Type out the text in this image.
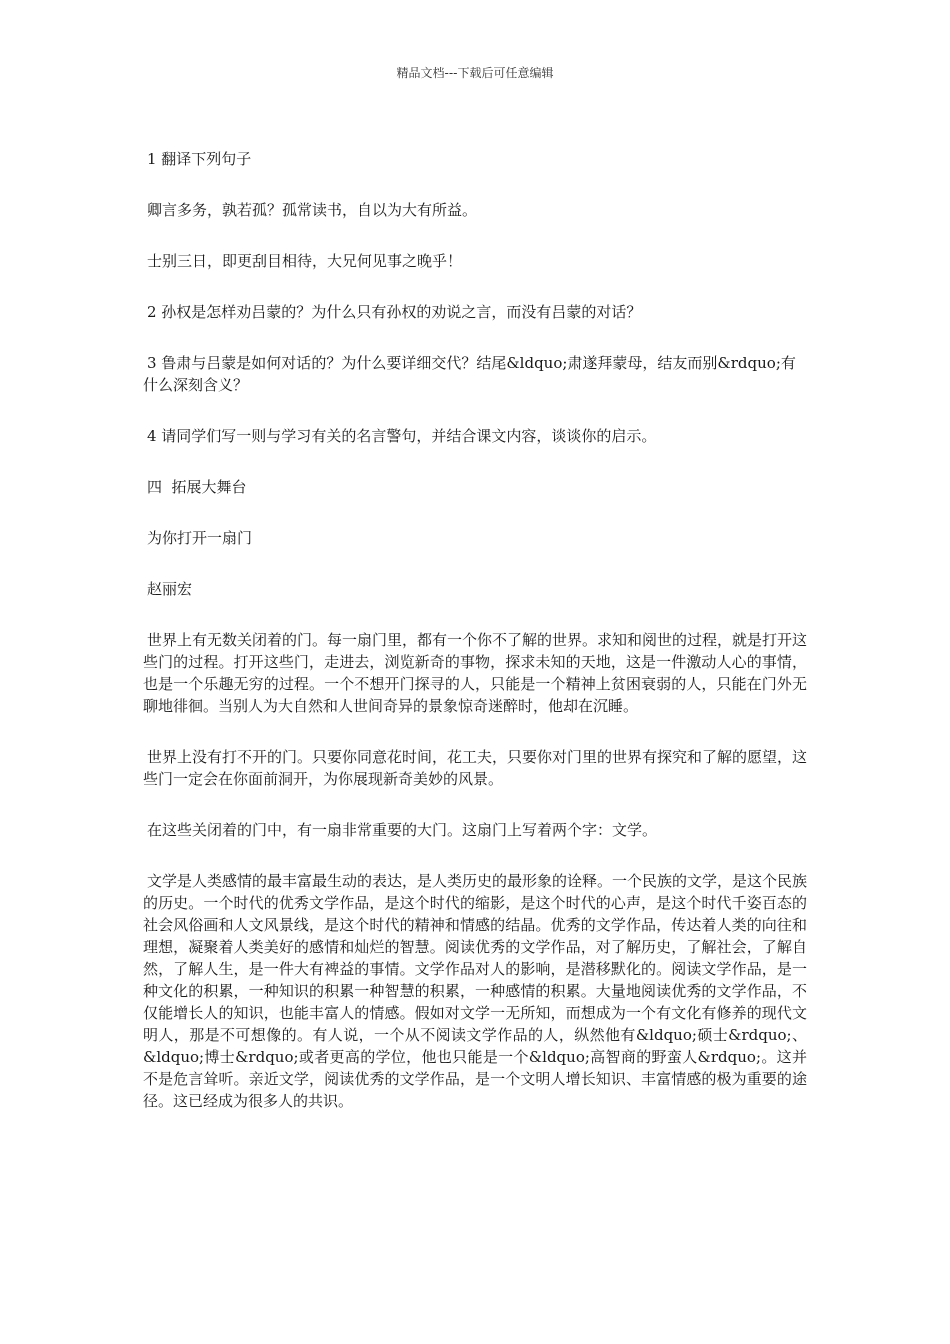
精品文档---下载后可任意编辑

1 翻译下列句子

卿言多务，孰若孤？孤常读书，自以为大有所益。

士别三日，即更刮目相待，大兄何见事之晚乎！

2 孙权是怎样劝吕蒙的？为什么只有孙权的劝说之言，而没有吕蒙的对话？

3 鲁肃与吕蒙是如何对话的？为什么要详细交代？结尾&ldquo;肃遂拜蒙母，结友而别&rdquo;有什么深刻含义？

4 请同学们写一则与学习有关的名言警句，并结合课文内容，谈谈你的启示。

四  拓展大舞台

为你打开一扇门

赵丽宏

世界上有无数关闭着的门。每一扇门里，都有一个你不了解的世界。求知和阅世的过程，就是打开这些门的过程。打开这些门，走进去，浏览新奇的事物，探求未知的天地，这是一件激动人心的事情，也是一个乐趣无穷的过程。一个不想开门探寻的人，只能是一个精神上贫困衰弱的人，只能在门外无聊地徘徊。当别人为大自然和人世间奇异的景象惊奇迷醉时，他却在沉睡。

世界上没有打不开的门。只要你同意花时间，花工夫，只要你对门里的世界有探究和了解的愿望，这些门一定会在你面前洞开，为你展现新奇美妙的风景。

在这些关闭着的门中，有一扇非常重要的大门。这扇门上写着两个字：文学。

文学是人类感情的最丰富最生动的表达，是人类历史的最形象的诠释。一个民族的文学，是这个民族的历史。一个时代的优秀文学作品，是这个时代的缩影，是这个时代的心声，是这个时代千姿百态的社会风俗画和人文风景线，是这个时代的精神和情感的结晶。优秀的文学作品，传达着人类的向往和理想，凝聚着人类美好的感情和灿烂的智慧。阅读优秀的文学作品，对了解历史，了解社会，了解自然，了解人生，是一件大有裨益的事情。文学作品对人的影响，是潜移默化的。阅读文学作品，是一种文化的积累，一种知识的积累一种智慧的积累，一种感情的积累。大量地阅读优秀的文学作品，不仅能增长人的知识，也能丰富人的情感。假如对文学一无所知，而想成为一个有文化有修养的现代文明人，那是不可想像的。有人说，一个从不阅读文学作品的人，纵然他有&ldquo;硕士&rdquo;、&ldquo;博士&rdquo;或者更高的学位，他也只能是一个&ldquo;高智商的野蛮人&rdquo;。这并不是危言耸听。亲近文学，阅读优秀的文学作品，是一个文明人增长知识、丰富情感的极为重要的途径。这已经成为很多人的共识。
